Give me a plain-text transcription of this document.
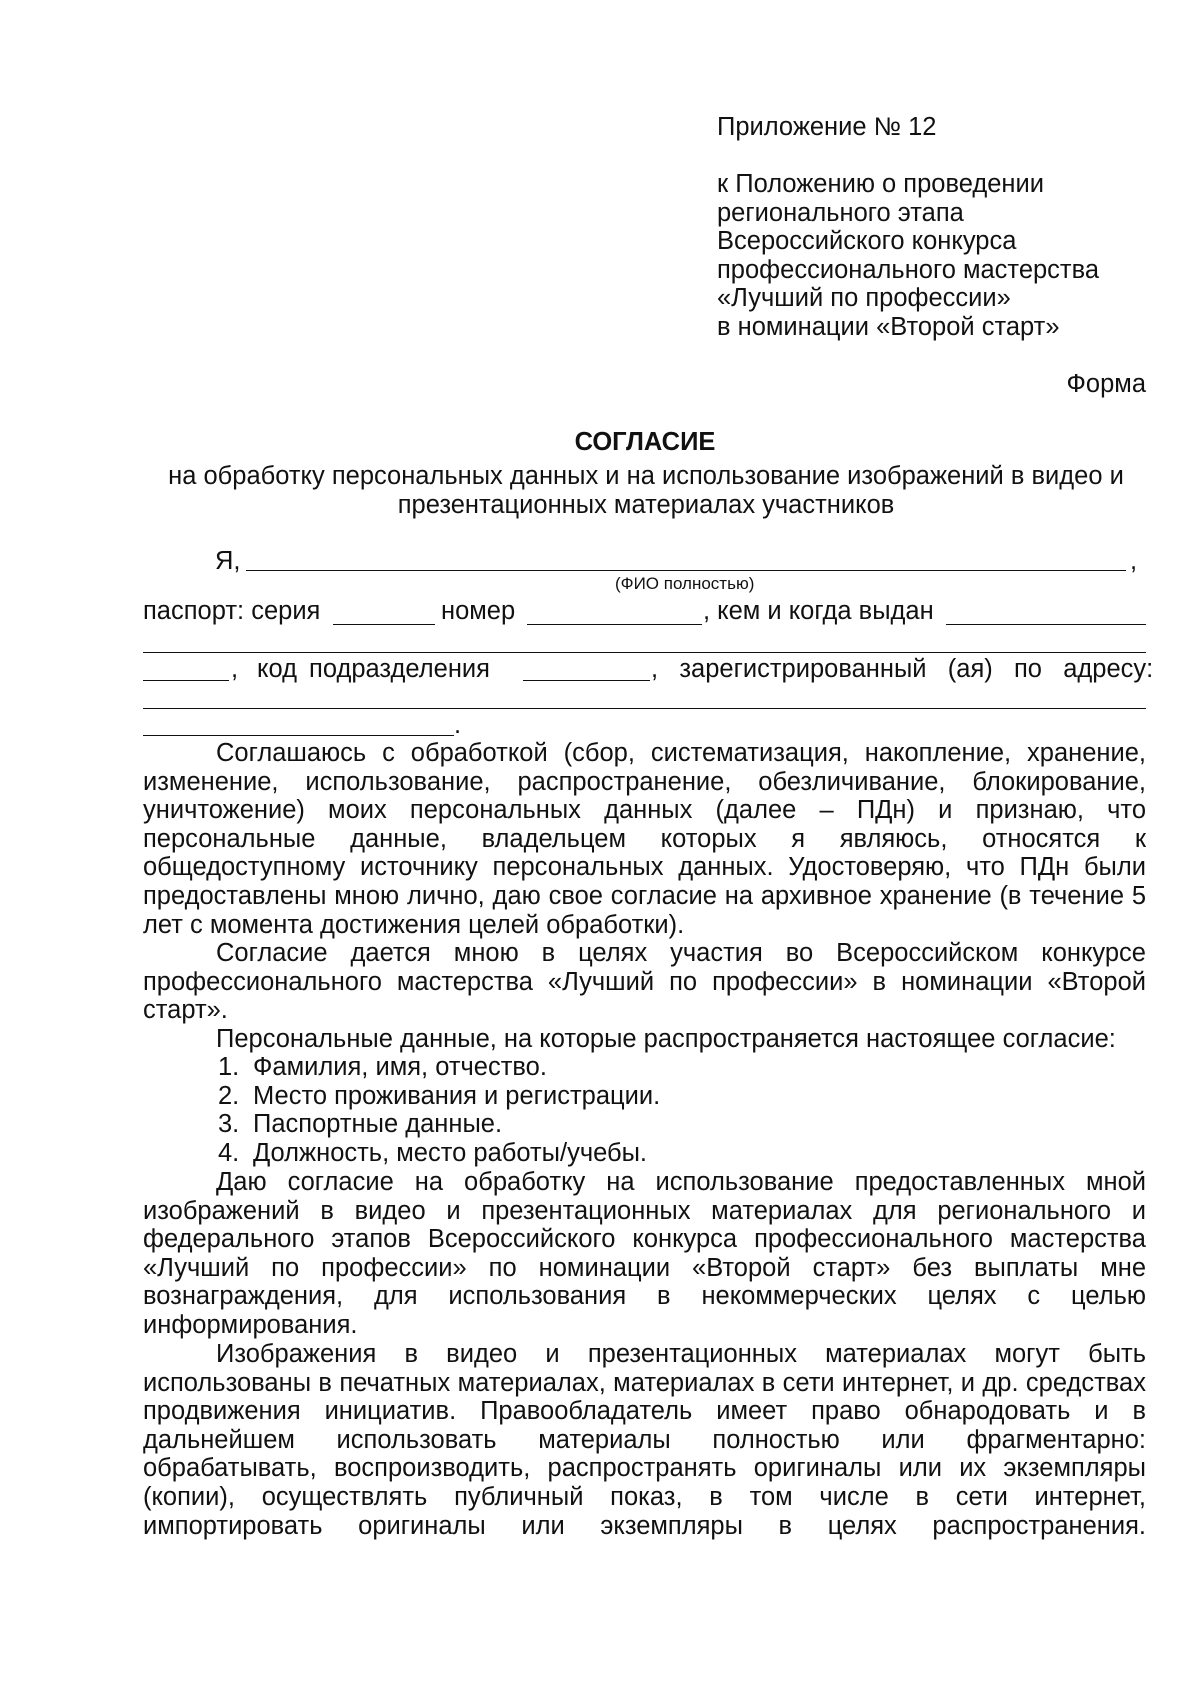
Приложение № 12
к Положению о проведении
регионального этапа
Всероссийского конкурса
профессионального мастерства
«Лучший по профессии»
в номинации «Второй старт»
Форма
СОГЛАСИЕ
на обработку персональных данных и на использование изображений в видео и презентационных материалах участников
Я,	,
(ФИО полностью)
паспорт: серия	номер	, кем и когда выдан
, код подразделения	,   зарегистрированный   (ая)   по   адресу:
.
Соглашаюсь с обработкой (сбор, систематизация, накопление, хранение, изменение, использование, распространение, обезличивание, блокирование, уничтожение) моих персональных данных (далее – ПДн) и признаю, что персональные данные, владельцем которых я являюсь, относятся к общедоступному источнику персональных данных. Удостоверяю, что ПДн были предоставлены мною лично, даю свое согласие на архивное хранение (в течение 5 лет с момента достижения целей обработки).
Согласие дается мною в целях участия во Всероссийском конкурсе профессионального мастерства «Лучший по профессии» в номинации «Второй старт».
Персональные данные, на которые распространяется настоящее согласие:
1. Фамилия, имя, отчество.
2. Место проживания и регистрации.
3. Паспортные данные.
4. Должность, место работы/учебы.
Даю согласие на обработку на использование предоставленных мной изображений в видео и презентационных материалах для регионального и федерального этапов Всероссийского конкурса профессионального мастерства «Лучший по профессии» по номинации «Второй старт» без выплаты мне вознаграждения, для использования в некоммерческих целях с целью информирования.
Изображения в видео и презентационных материалах могут быть использованы в печатных материалах, материалах в сети интернет, и др. средствах продвижения инициатив. Правообладатель имеет право обнародовать и в дальнейшем использовать материалы полностью или фрагментарно: обрабатывать, воспроизводить, распространять оригиналы или их экземпляры (копии), осуществлять публичный показ, в том числе в сети интернет, импортировать оригиналы или экземпляры в целях распространения.
